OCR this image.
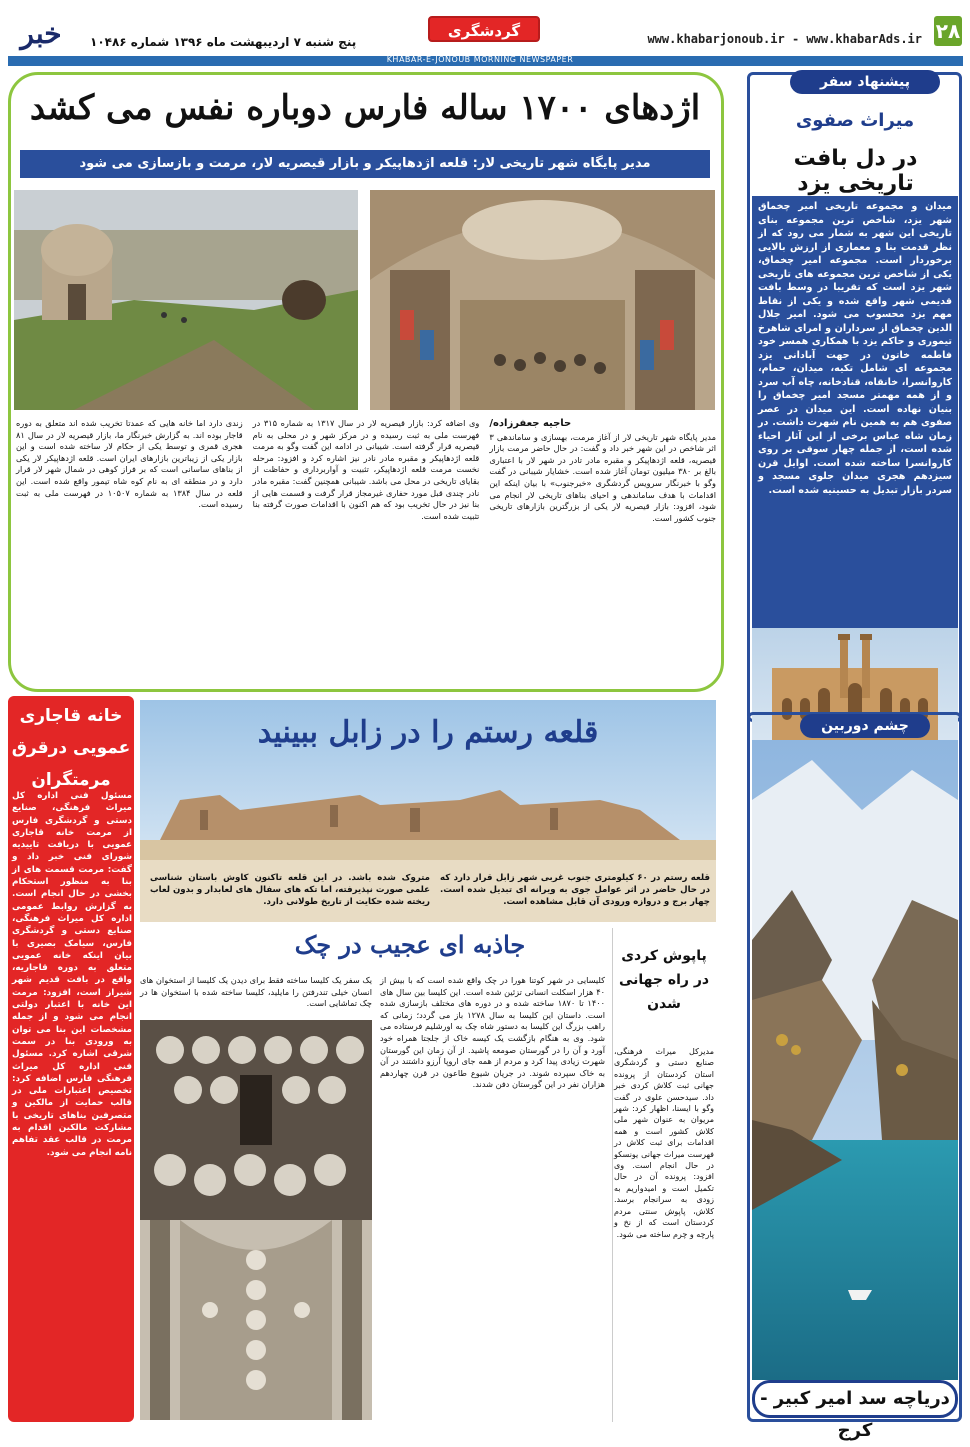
۲۸
www.khabarjonoub.ir - www.khabarAds.ir
گردشگری
خبر	پنج شنبه ۷ اردیبهشت ماه ۱۳۹۶ شماره ۱۰۴۸۶
KHABAR-E-JONOUB MORNING NEWSPAPER
پیشنهاد سفر
میراث صفوی
در دل بافت تاریخی یزد

میدان و مجموعه تاریخی امیر چخماق شهر یزد، شاخص ترین مجموعه بنای تاریخی این شهر به شمار می رود که از نظر قدمت بنا و معماری از ارزش بالایی برخوردار است. مجموعه امیر چخماق، یکی از شاخص ترین مجموعه های تاریخی شهر یزد است که تقریبا در وسط بافت قدیمی شهر واقع شده و یکی از نقاط مهم یزد محسوب می شود. امیر جلال الدین چخماق از سرداران و امرای شاهرخ تیموری و حاکم یزد با همکاری همسر خود فاطمه خاتون در جهت آبادانی یزد مجموعه ای شامل تکیه، میدان، حمام، کاروانسرا، خانقاه، قنادخانه، چاه آب سرد و از همه مهمتر مسجد امیر چخماق را بنیان نهاده است. این میدان در عصر صفوی هم به همین نام شهرت داشت. در زمان شاه عباس برخی از این آثار احیاء شده است، از جمله چهار سوقی بر روی کاروانسرا ساخته شده است. اوایل قرن سیزدهم هجری میدان جلوی مسجد و سردر بازار تبدیل به حسینیه شده است.

چشم دوربین
دریاچه سد امیر کبیر - کرج
اژدهای ۱۷۰۰ ساله فارس دوباره نفس می کشد
مدیر پایگاه شهر تاریخی لار: قلعه اژدهاپیکر و بازار قیصریه لار، مرمت و بازسازی می شود
حاجیه جعفرزاده/

مدیر پایگاه شهر تاریخی لار از آغاز مرمت، بهسازی و ساماندهی ۳ اثر شاخص در این شهر خبر داد و گفت: در حال حاضر مرمت بازار قیصریه، قلعه اژدهاپیکر و مقبره مادر تادر در شهر لار با اعتباری بالغ بر ۳۸۰ میلیون تومان آغاز شده است. خشایار شیبانی در گفت وگو با خبرنگار سرویس گردشگری «خبرجنوب» با بیان اینکه این اقدامات با هدف ساماندهی و احیای بناهای تاریخی لار انجام می شود، افزود: بازار قیصریه لار یکی از بزرگترین بازارهای تاریخی جنوب کشور است.

وی اضافه کرد: بازار قیصریه لار در سال ۱۳۱۷ به شماره ۳۱۵ در فهرست ملی به ثبت رسیده و در مرکز شهر و در محلی به نام قیصریه قرار گرفته است. شیبانی در ادامه این گفت وگو به مرمت قلعه اژدهاپیکر و مقبره مادر نادر نیز اشاره کرد و افزود: مرحله نخست مرمت قلعه اژدهاپیکر، تثبیت و آواربرداری و حفاظت از بقایای تاریخی در محل می باشد. شیبانی همچنین گفت: مقبره مادر نادر چندی قبل مورد حفاری غیرمجاز قرار گرفت و قسمت هایی از بنا نیز در حال تخریب بود که هم اکنون با اقدامات صورت گرفته بنا تثبیت شده است.

زندی دارد اما خانه هایی که عمدتا تخریب شده اند متعلق به دوره قاجار بوده اند. به گزارش خبرنگار ما، بازار قیصریه لار در سال ۸۱ هجری قمری و توسط یکی از حکام لار ساخته شده است و این بازار یکی از زیباترین بازارهای ایران است. قلعه اژدهاپیکر لار یکی از بناهای ساسانی است که بر فراز کوهی در شمال شهر لار قرار دارد و در منطقه ای به نام کوه شاه تیمور واقع شده است. این قلعه در سال ۱۳۸۴ به شماره ۱۰۵۰۷ در فهرست ملی به ثبت رسیده است.

خانه قاجاری عمویی درقرق مرمتگران

مسئول فنی اداره کل میراث فرهنگی، صنایع دستی و گردشگری فارس از مرمت خانه قاجاری عمویی با دریافت تاییدیه شورای فنی خبر داد و گفت: مرمت قسمت های از بنا به منظور استحکام بخشی در حال انجام است. به گزارش روابط عمومی اداره کل میراث فرهنگی، صنایع دستی و گردشگری فارس، سیامک بصیری با بیان اینکه خانه عمویی متعلق به دوره قاجاریه، واقع در بافت قدیم شهر شیراز است، افزود: مرمت این خانه با اعتبار دولتی انجام می شود و از جمله مشخصات این بنا می توان به ورودی بنا در سمت شرقی اشاره کرد. مسئول فنی اداره کل میراث فرهنگی فارس اضافه کرد: تخصیص اعتبارات ملی در قالب حمایت از مالکین و متصرفین بناهای تاریخی با مشارکت مالکین اقدام به مرمت در قالب عقد تفاهم نامه انجام می شود.

قلعه رستم را در زابل ببینید

قلعه رستم در ۶۰ کیلومتری جنوب غربی شهر زابل قرار دارد که در حال حاضر در اثر عوامل جوی به ویرانه ای تبدیل شده است. چهار برج و دروازه ورودی آن قابل مشاهده است.

متروک شده باشد. در این قلعه تاکنون کاوش باستان شناسی علمی صورت نپذیرفته، اما تکه های سفال های لعابدار و بدون لعاب ریخته شده حکایت از تاریخ طولانی دارد.

جاذبه ای عجیب در چک

کلیسایی در شهر کوتنا هورا در چک واقع شده است که با بیش از ۴۰ هزار اسکلت انسانی تزئین شده است. این کلیسا بین سال های ۱۴۰۰ تا ۱۸۷۰ ساخته شده و در دوره های مختلف بازسازی شده است. داستان این کلیسا به سال ۱۲۷۸ باز می گردد؛ زمانی که راهب بزرگ این کلیسا به دستور شاه چک به اورشلیم فرستاده می شود. وی به هنگام بازگشت یک کیسه خاک از جلجتا همراه خود آورد و آن را در گورستان صومعه پاشید. از آن زمان این گورستان شهرت زیادی پیدا کرد و مردم از همه جای اروپا آرزو داشتند در آن به خاک سپرده شوند. در جریان شیوع طاعون در قرن چهاردهم هزاران نفر در این گورستان دفن شدند.

یک سفر یک کلیسا ساخته فقط برای دیدن یک کلیسا از استخوان های انسان خیلی تندرفتن را مایلید، کلیسا ساخته شده با استخوان ها در چک تماشایی است.

پاپوش کردی در راه جهانی شدن

مدیرکل میراث فرهنگی، صنایع دستی و گردشگری استان کردستان از پرونده جهانی ثبت کلاش کردی خبر داد. سیدحسن علوی در گفت وگو با ایسنا، اظهار کرد: شهر مریوان به عنوان شهر ملی کلاش کشور است و همه اقدامات برای ثبت کلاش در فهرست میراث جهانی یونسکو در حال انجام است. وی افزود: پرونده آن در حال تکمیل است و امیدواریم به زودی به سرانجام برسد. کلاش، پاپوش سنتی مردم کردستان است که از نخ و پارچه و چرم ساخته می شود.
